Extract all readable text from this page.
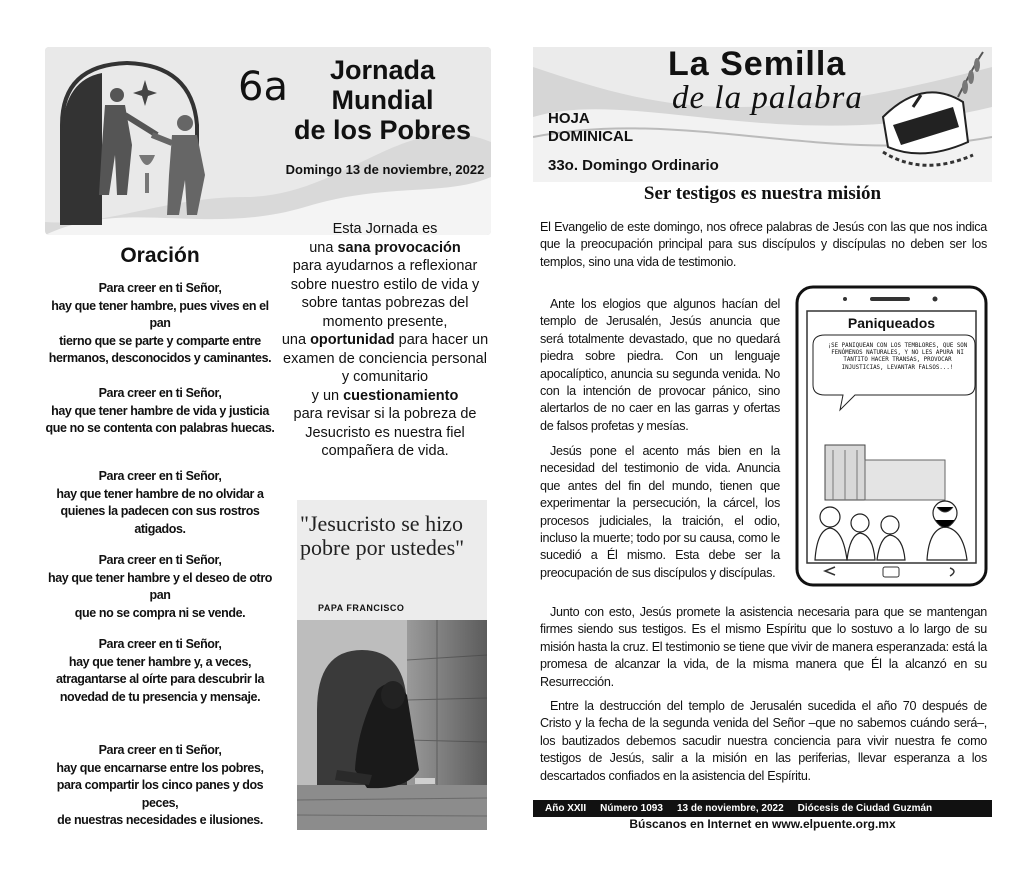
6a	Jornada
Mundial
de los Pobres
Domingo 13 de noviembre, 2022
Oración
Para creer en ti Señor,
hay que tener hambre, pues vives en el pan
tierno que se parte y comparte entre
hermanos, desconocidos y caminantes.
Para creer en ti Señor,
hay que tener hambre de vida y justicia
que no se contenta con palabras huecas.
Para creer en ti Señor,
hay que tener hambre de no olvidar a
quienes la padecen con sus rostros atigados.
Para creer en ti Señor,
hay que tener hambre y el deseo de otro pan
que no se compra ni se vende.
Para creer en ti Señor,
hay que tener hambre y, a veces,
atragantarse al oírte para descubrir la
novedad de tu presencia y mensaje.
Para creer en ti Señor,
hay que encarnarse entre los pobres,
para compartir los cinco panes y dos peces,
de nuestras necesidades e ilusiones.
Esta Jornada es
una sana provocación
para ayudarnos a reflexionar sobre nuestro estilo de vida y sobre tantas pobrezas del momento presente,
una oportunidad para hacer un examen de conciencia personal y comunitario
y un cuestionamiento
para revisar si la pobreza de Jesucristo es nuestra fiel compañera de vida.
"Jesucristo se hizo pobre por ustedes"
PAPA FRANCISCO
La Semilla
de la palabra
HOJA
DOMINICAL
33o. Domingo Ordinario
Ser testigos es nuestra misión
El Evangelio de este domingo, nos ofrece palabras de Jesús con las que nos indica que la preocupación principal para sus discípulos y discípulas no deben ser los templos, sino una vida de testimonio.
Ante los elogios que algunos hacían del templo de Jerusalén, Jesús anuncia que será totalmente devastado, que no quedará piedra sobre piedra. Con un lenguaje apocalíptico, anuncia su segunda venida. No con la intención de provocar pánico, sino alertarlos de no caer en las garras y ofertas de falsos profetas y mesías.
Jesús pone el acento más bien en la necesidad del testimonio de vida. Anuncia que antes del fin del mundo, tienen que experimentar la persecución, la cárcel, los procesos judiciales, la traición, el odio, incluso la muerte; todo por su causa, como le sucedió a Él mismo. Esta debe ser la preocupación de sus discípulos y discípulas.
Junto con esto, Jesús promete la asistencia necesaria para que se mantengan firmes siendo sus testigos. Es el mismo Espíritu que lo sostuvo a lo largo de su misión hasta la cruz. El testimonio se tiene que vivir de manera esperanzada: está la promesa de alcanzar la vida, de la misma manera que Él la alcanzó en su Resurrección.
Entre la destrucción del templo de Jerusalén sucedida el año 70 después de Cristo y la fecha de la segunda venida del Señor –que no sabemos cuándo será–, los bautizados debemos sacudir nuestra conciencia para vivir nuestra fe como testigos de Jesús, salir a la misión en las periferias, llevar esperanza a los descartados confiados en la asistencia del Espíritu.
Paniqueados
¡SE PANIQUEAN CON LOS TEMBLORES, QUE SON FENÓMENOS NATURALES, Y NO LES APURA NI TANTITO HACER TRANSAS, PROVOCAR INJUSTICIAS, LEVANTAR FALSOS...!
Año XXII Número 1093 13 de noviembre, 2022 Diócesis de Ciudad Guzmán
Búscanos en Internet en www.elpuente.org.mx
